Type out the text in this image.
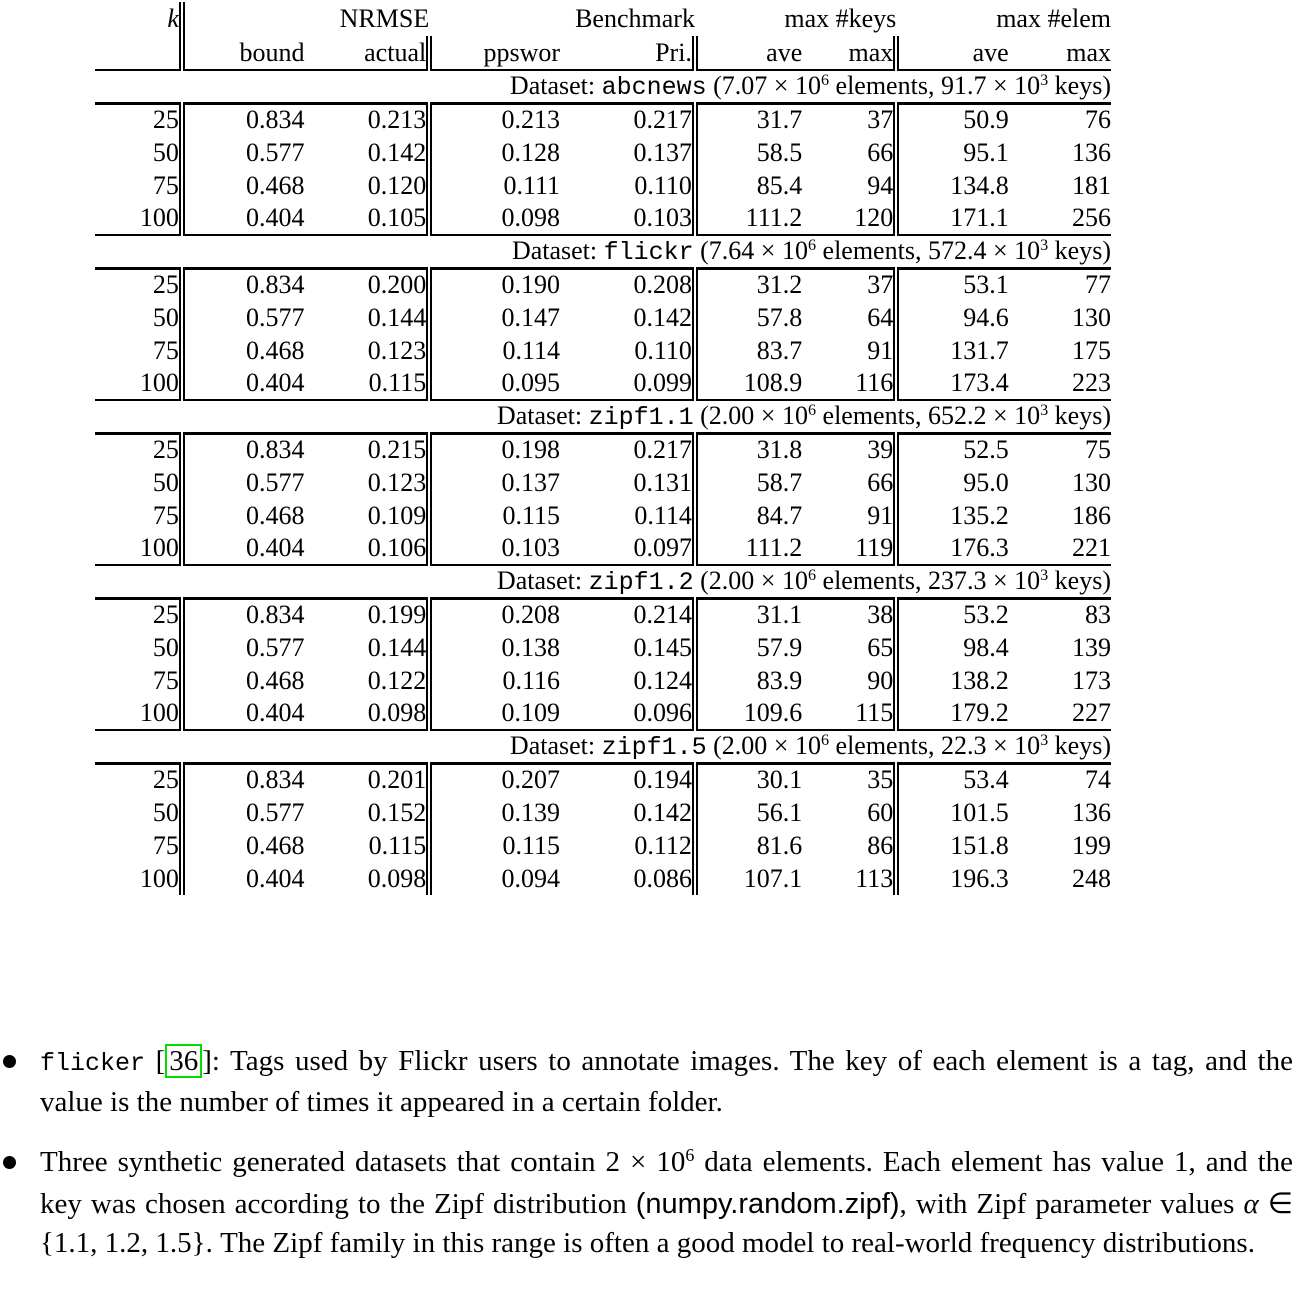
k	NRMSE		Benchmark		max #keys		max #elem	
	bound	actual	ppswor	Pri.	ave	max	ave	max
Dataset: abcnews ($7.07 \times 10^6$ elements, $91.7 \times 10^3$ keys)								
25	0.834	0.213	0.213	0.217	31.7	37	50.9	76
50	0.577	0.142	0.128	0.137	58.5	66	95.1	136
75	0.468	0.120	0.111	0.110	85.4	94	134.8	181
100	0.404	0.105	0.098	0.103	111.2	120	171.1	256
Dataset: flickr ($7.64 \times 10^6$ elements, $572.4 \times 10^3$ keys)								
25	0.834	0.200	0.190	0.208	31.2	37	53.1	77
50	0.577	0.144	0.147	0.142	57.8	64	94.6	130
75	0.468	0.123	0.114	0.110	83.7	91	131.7	175
100	0.404	0.115	0.095	0.099	108.9	116	173.4	223
Dataset: zipf1.1 ($2.00 \times 10^6$ elements, $652.2 \times 10^3$ keys)								
25	0.834	0.215	0.198	0.217	31.8	39	52.5	75
50	0.577	0.123	0.137	0.131	58.7	66	95.0	130
75	0.468	0.109	0.115	0.114	84.7	91	135.2	186
100	0.404	0.106	0.103	0.097	111.2	119	176.3	221
Dataset: zipf1.2 ($2.00 \times 10^6$ elements, $237.3 \times 10^3$ keys)								
25	0.834	0.199	0.208	0.214	31.1	38	53.2	83
50	0.577	0.144	0.138	0.145	57.9	65	98.4	139
75	0.468	0.122	0.116	0.124	83.9	90	138.2	173
100	0.404	0.098	0.109	0.096	109.6	115	179.2	227
Dataset: zipf1.5 ($2.00 \times 10^6$ elements, $22.3 \times 10^3$ keys)								
25	0.834	0.201	0.207	0.194	30.1	35	53.4	74
50	0.577	0.152	0.139	0.142	56.1	60	101.5	136
75	0.468	0.115	0.115	0.112	81.6	86	151.8	199
100	0.404	0.098	0.094	0.086	107.1	113	196.3	248
flicker [ 36 ]: Tags used by Flickr users to annotate images. The key of each element is a tag, and the value is the number of times it appeared in a certain folder.
Three synthetic generated datasets that contain $2 \times 10^6$ data elements. Each element has value 1, and the key was chosen according to the Zipf distribution (numpy.random.zipf), with Zipf parameter values α ∈ {1.1, 1.2, 1.5}. The Zipf family in this range is often a good model to real-world frequency distributions.
